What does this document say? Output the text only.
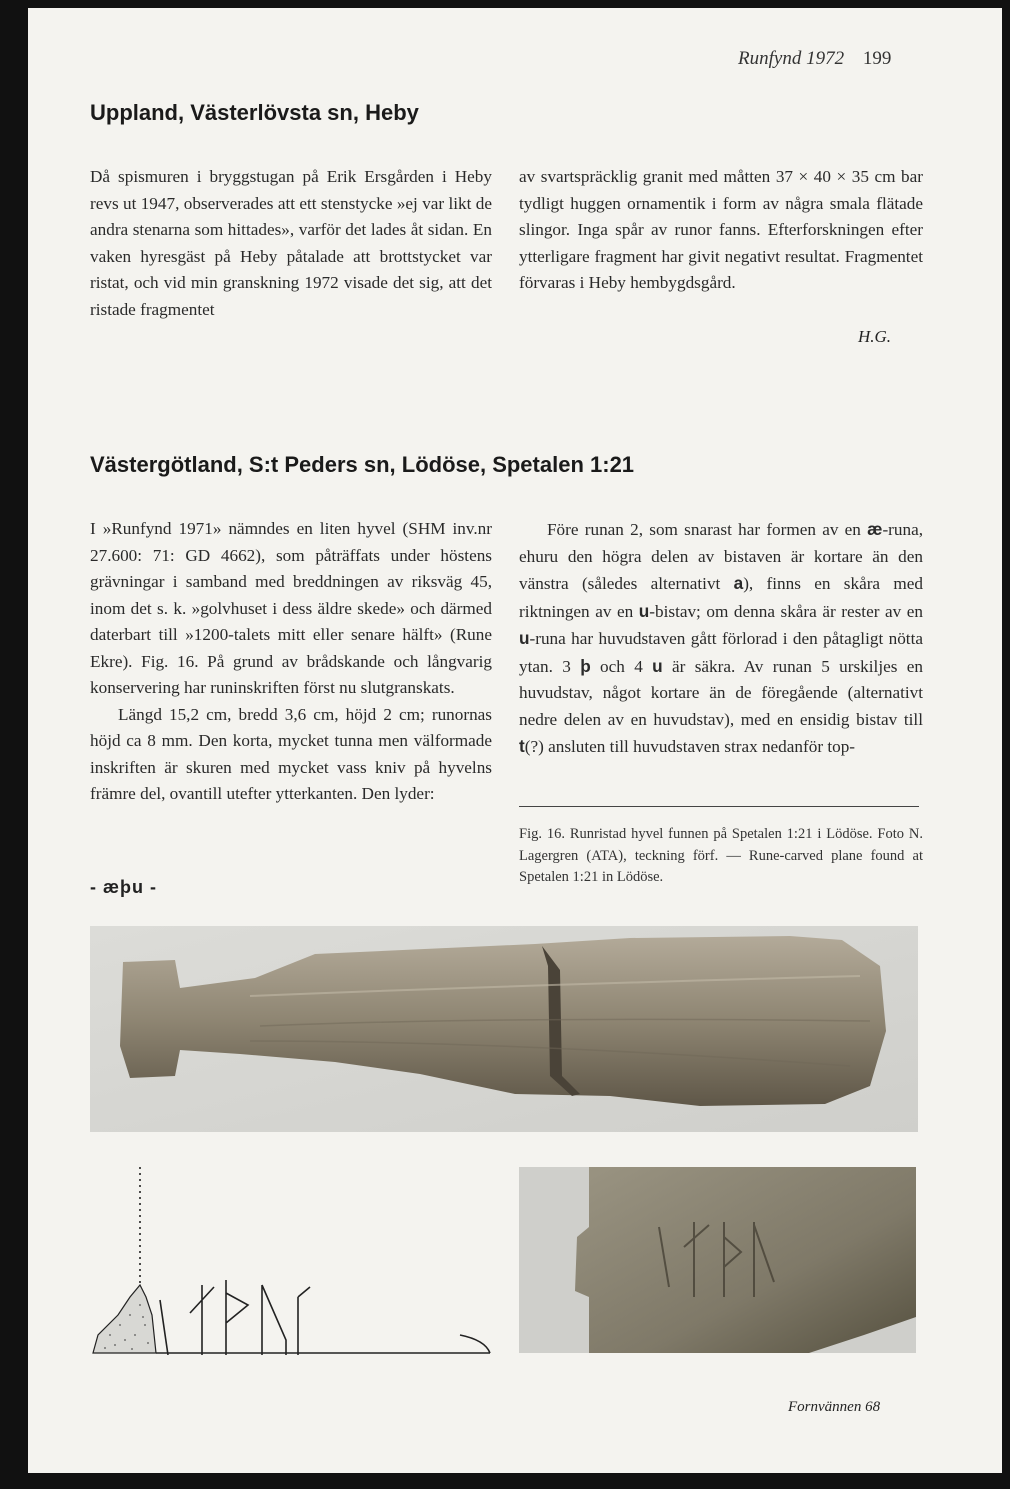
Runfynd 1972 199
Uppland, Västerlövsta sn, Heby

Då spismuren i bryggstugan på Erik Ersgården i Heby revs ut 1947, observerades att ett stenstycke »ej var likt de andra stenarna som hittades», varför det lades åt sidan. En vaken hyresgäst på Heby påtalade att brottstycket var ristat, och vid min granskning 1972 visade det sig, att det ristade fragmentet

av svartspräcklig granit med måtten 37 × 40 × 35 cm bar tydligt huggen ornamentik i form av några smala flätade slingor. Inga spår av runor fanns. Efterforskningen efter ytterligare fragment har givit negativt resultat. Fragmentet förvaras i Heby hembygdsgård.

H.G.
Västergötland, S:t Peders sn, Lödöse, Spetalen 1:21

I »Runfynd 1971» nämndes en liten hyvel (SHM inv.nr 27.600: 71: GD 4662), som påträffats under höstens grävningar i samband med breddningen av riksväg 45, inom det s. k. »golvhuset i dess äldre skede» och därmed daterbart till »1200-talets mitt eller senare hälft» (Rune Ekre). Fig. 16. På grund av brådskande och långvarig konservering har runinskriften först nu slutgranskats.

Längd 15,2 cm, bredd 3,6 cm, höjd 2 cm; runornas höjd ca 8 mm. Den korta, mycket tunna men välformade inskriften är skuren med mycket vass kniv på hyvelns främre del, ovantill utefter ytterkanten. Den lyder:

- æþu -

Före runan 2, som snarast har formen av en æ-runa, ehuru den högra delen av bistaven är kortare än den vänstra (således alternativt a), finns en skåra med riktningen av en u-bistav; om denna skåra är rester av en u-runa har huvudstaven gått förlorad i den påtagligt nötta ytan. 3 þ och 4 u är säkra. Av runan 5 urskiljes en huvudstav, något kortare än de föregående (alternativt nedre delen av en huvudstav), med en ensidig bistav till t(?) ansluten till huvudstaven strax nedanför top-

Fig. 16. Runristad hyvel funnen på Spetalen 1:21 i Lödöse. Foto N. Lagergren (ATA), teckning förf. — Rune-carved plane found at Spetalen 1:21 in Lödöse.
Fornvännen 68
